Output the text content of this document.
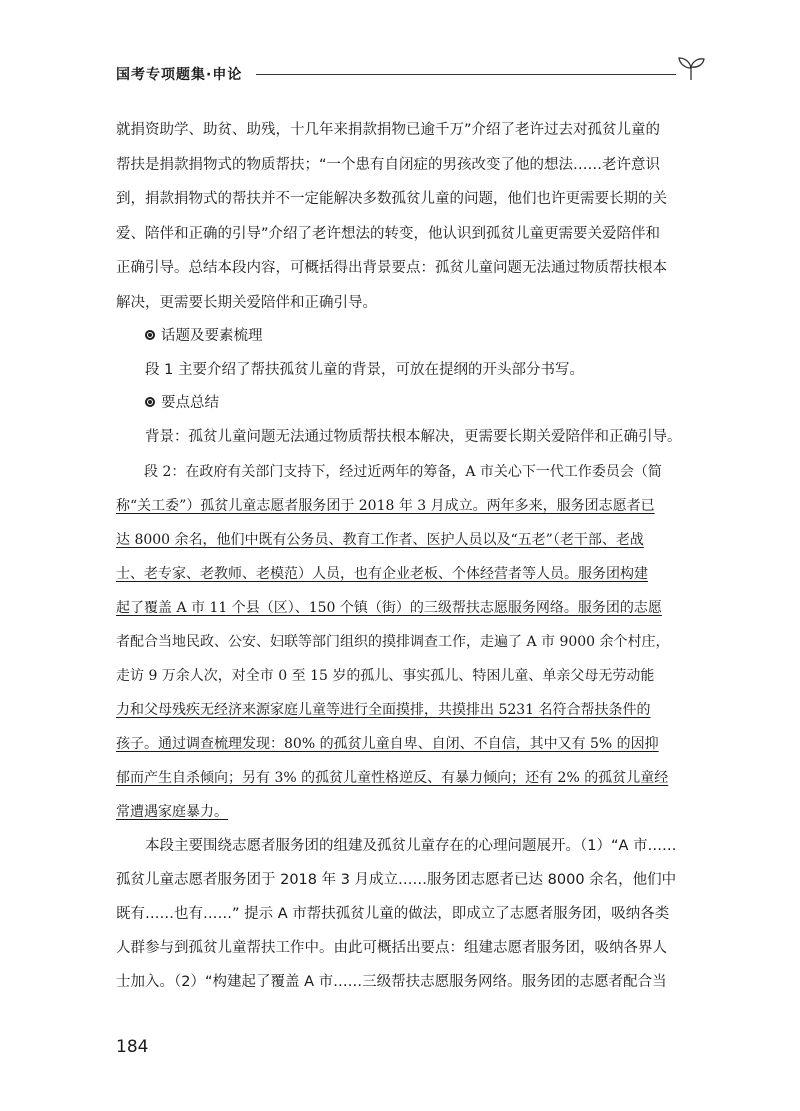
国考专项题集·申论
就捐资助学、助贫、助残，十几年来捐款捐物已逾千万”介绍了老许过去对孤贫儿童的
帮扶是捐款捐物式的物质帮扶；“一个患有自闭症的男孩改变了他的想法……老许意识
到，捐款捐物式的帮扶并不一定能解决多数孤贫儿童的问题，他们也许更需要长期的关
爱、陪伴和正确的引导”介绍了老许想法的转变，他认识到孤贫儿童更需要关爱陪伴和
正确引导。总结本段内容，可概括得出背景要点：孤贫儿童问题无法通过物质帮扶根本
解决，更需要长期关爱陪伴和正确引导。
话题及要素梳理
段 1 主要介绍了帮扶孤贫儿童的背景，可放在提纲的开头部分书写。
要点总结
背景：孤贫儿童问题无法通过物质帮扶根本解决，更需要长期关爱陪伴和正确引导。
段 2：在政府有关部门支持下，经过近两年的筹备，A 市关心下一代工作委员会（简
称“关工委”）孤贫儿童志愿者服务团于 2018 年 3 月成立。两年多来，服务团志愿者已
达 8000 余名，他们中既有公务员、教育工作者、医护人员以及“五老”（老干部、老战
士、老专家、老教师、老模范）人员，也有企业老板、个体经营者等人员。服务团构建
起了覆盖 A 市 11 个县（区）、150 个镇（街）的三级帮扶志愿服务网络。服务团的志愿
者配合当地民政、公安、妇联等部门组织的摸排调查工作，走遍了 A 市 9000 余个村庄，
走访 9 万余人次，对全市 0 至 15 岁的孤儿、事实孤儿、特困儿童、单亲父母无劳动能
力和父母残疾无经济来源家庭儿童等进行全面摸排，共摸排出 5231 名符合帮扶条件的
孩子。通过调查梳理发现：80% 的孤贫儿童自卑、自闭、不自信，其中又有 5% 的因抑
郁而产生自杀倾向；另有 3% 的孤贫儿童性格逆反、有暴力倾向；还有 2% 的孤贫儿童经
常遭遇家庭暴力。
本段主要围绕志愿者服务团的组建及孤贫儿童存在的心理问题展开。（1）“A 市……
孤贫儿童志愿者服务团于 2018 年 3 月成立……服务团志愿者已达 8000 余名，他们中
既有……也有……” 提示 A 市帮扶孤贫儿童的做法，即成立了志愿者服务团，吸纳各类
人群参与到孤贫儿童帮扶工作中。由此可概括出要点：组建志愿者服务团，吸纳各界人
士加入。（2）“构建起了覆盖 A 市……三级帮扶志愿服务网络。服务团的志愿者配合当
184
